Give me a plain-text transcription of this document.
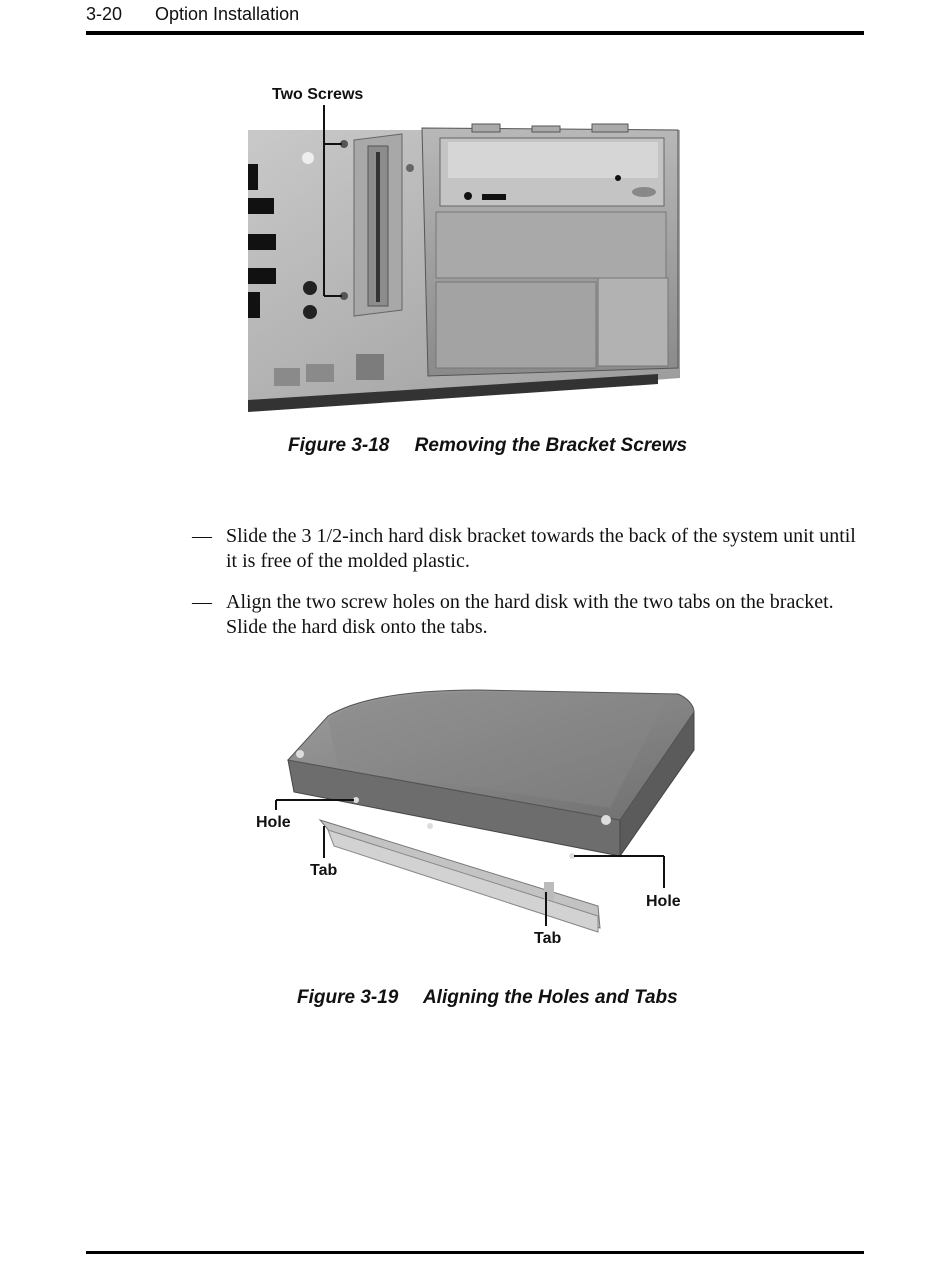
3-20 Option Installation
Two Screws
Figure 3-18 Removing the Bracket Screws
— Slide the 3 1/2-inch hard disk bracket towards the back of the system unit until it is free of the molded plastic.
— Align the two screw holes on the hard disk with the two tabs on the bracket. Slide the hard disk onto the tabs.
Hole
Tab
Hole
Tab
Figure 3-19 Aligning the Holes and Tabs
